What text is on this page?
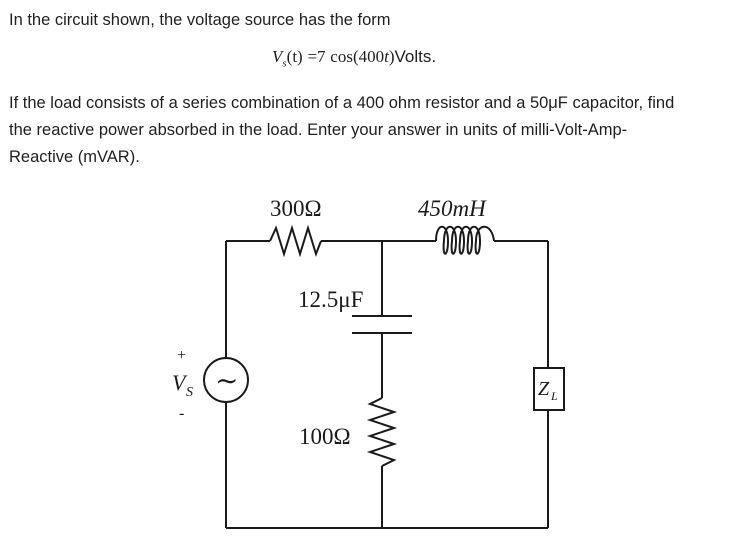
In the circuit shown, the voltage source has the form
$V_s(t) =7$ cos(400t)Volts.
If the load consists of a series combination of a 400 ohm resistor and a 50μF capacitor, find
the reactive power absorbed in the load. Enter your answer in units of milli-Volt-Amp-
Reactive (mVAR).
300Ω	450mH
12.5μF
100Ω
+
V S
-
∼	Z L
